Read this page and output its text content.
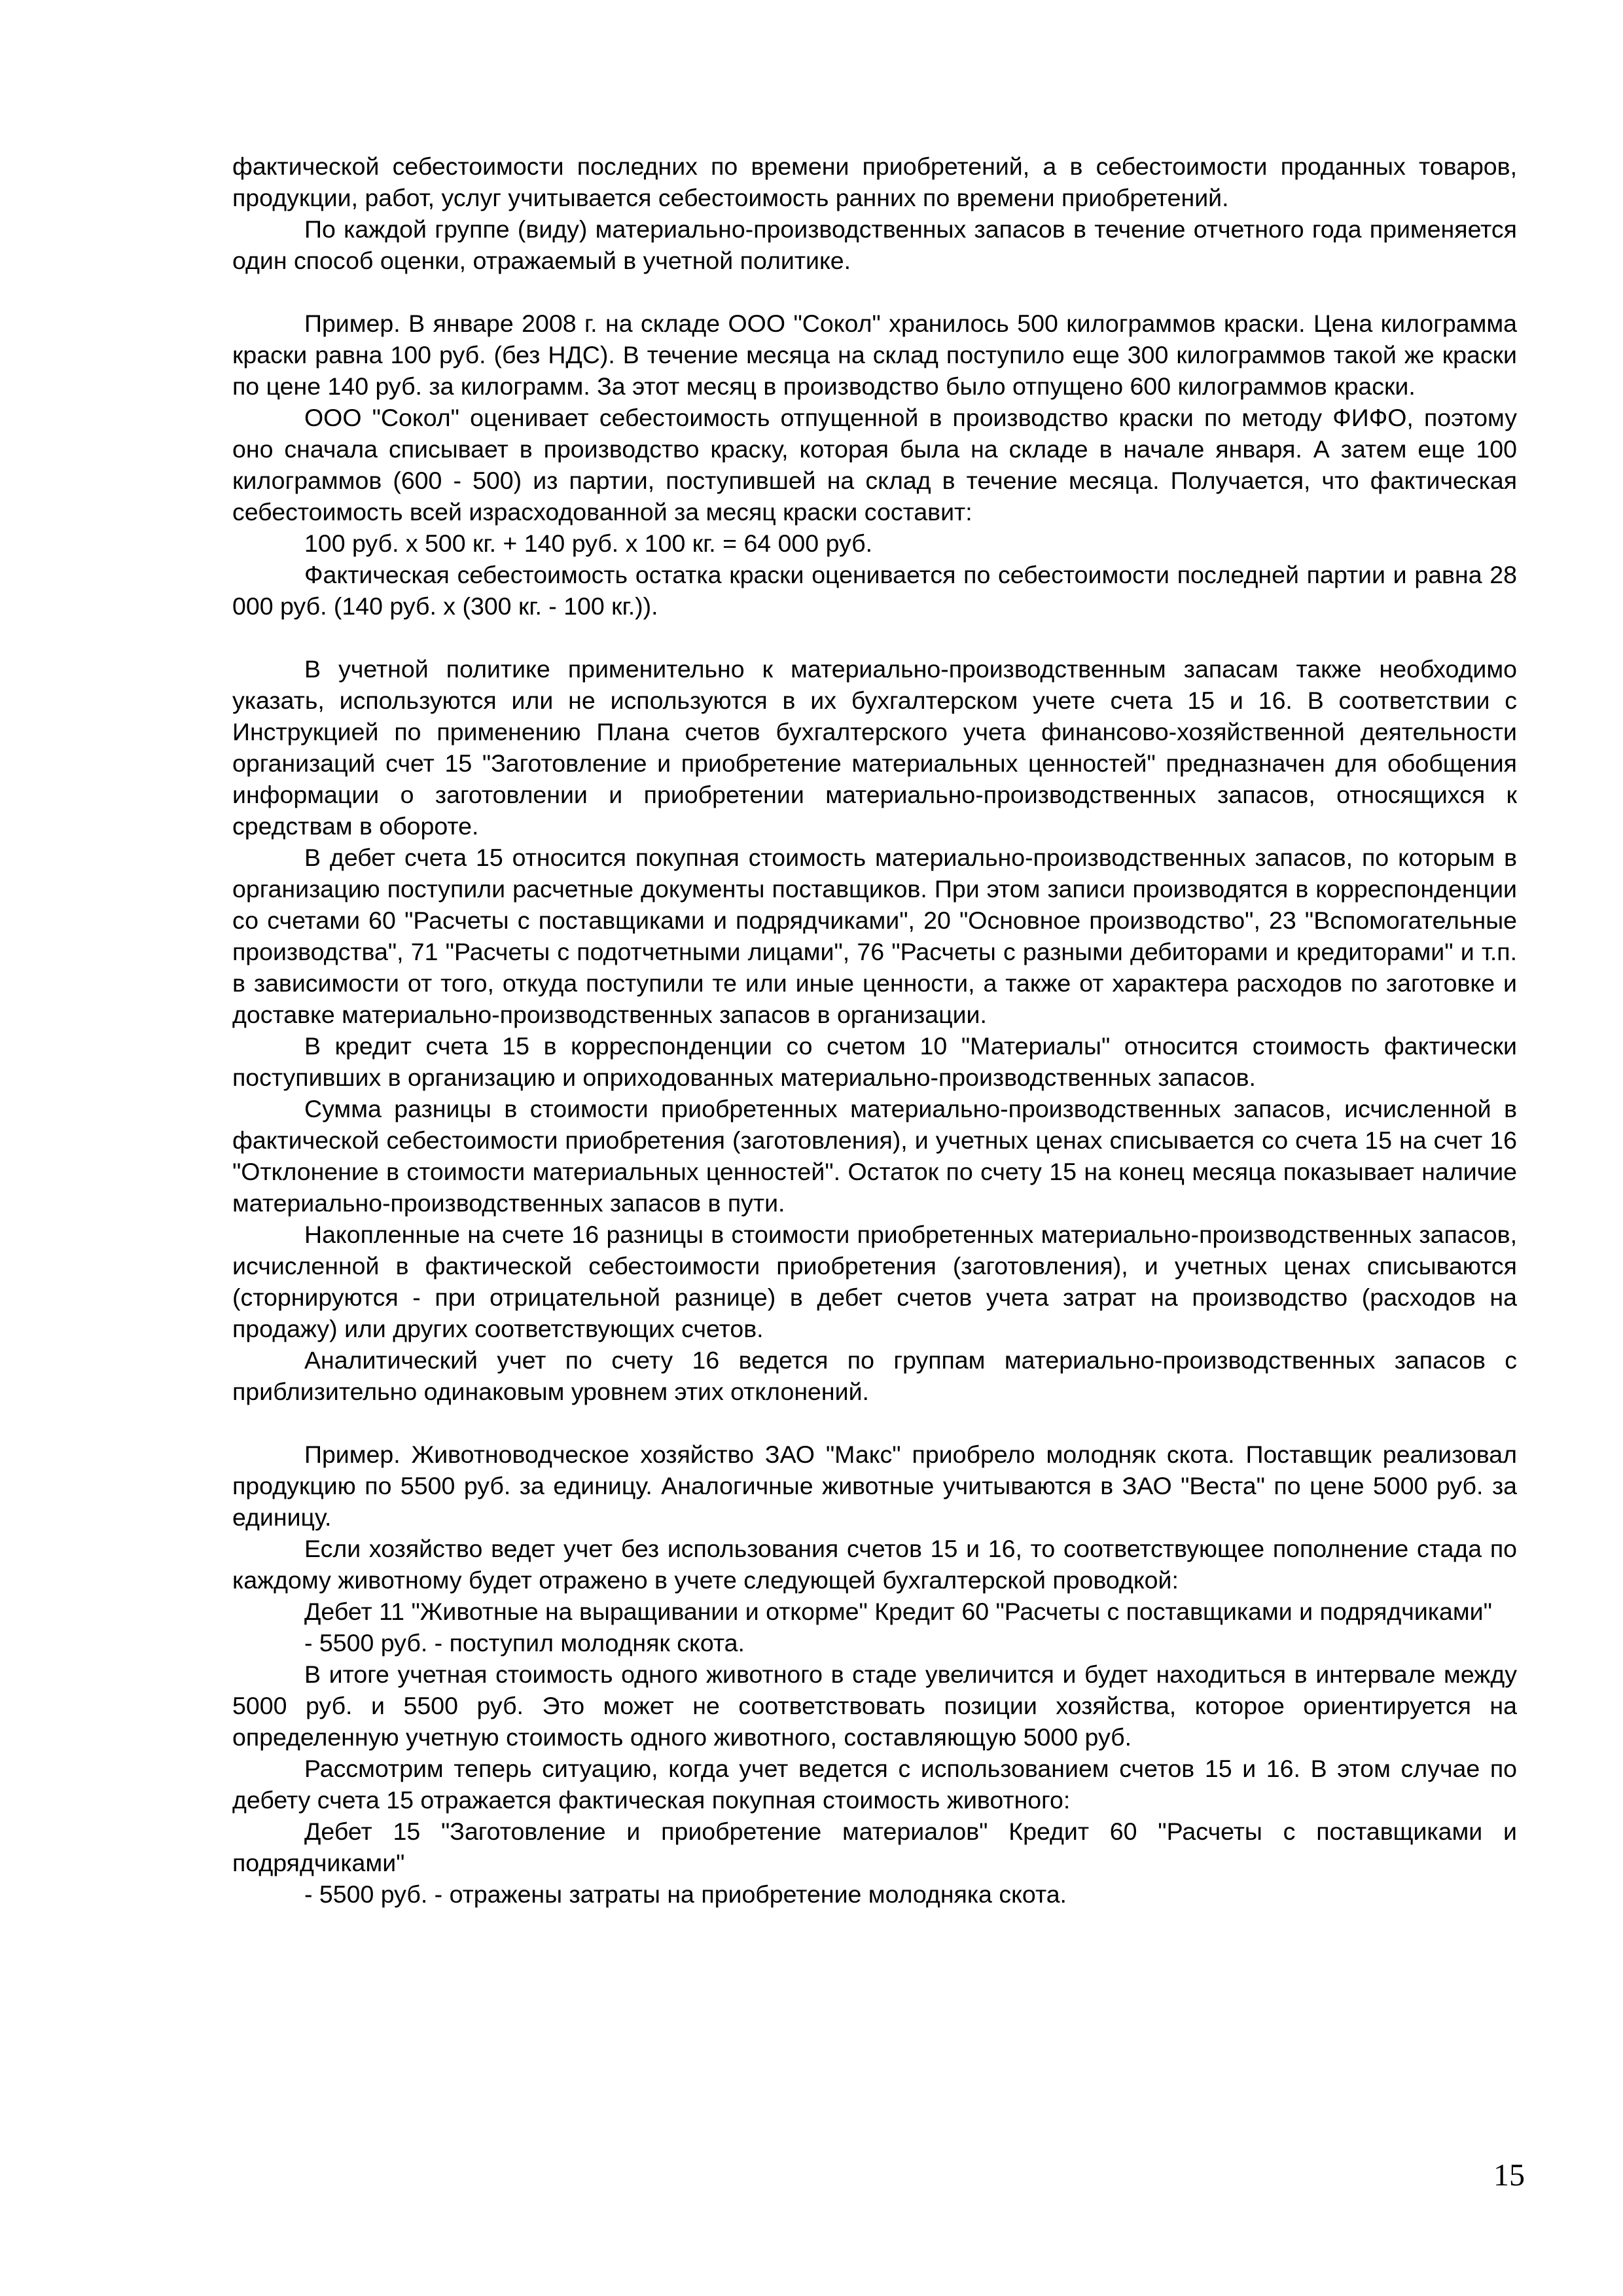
фактической себестоимости последних по времени приобретений, а в себестоимости проданных товаров, продукции, работ, услуг учитывается себестоимость ранних по времени приобретений.

По каждой группе (виду) материально-производственных запасов в течение отчетного года применяется один способ оценки, отражаемый в учетной политике.

Пример. В январе 2008 г. на складе ООО "Сокол" хранилось 500 килограммов краски. Цена килограмма краски равна 100 руб. (без НДС). В течение месяца на склад поступило еще 300 килограммов такой же краски по цене 140 руб. за килограмм. За этот месяц в производство было отпущено 600 килограммов краски.

ООО "Сокол" оценивает себестоимость отпущенной в производство краски по методу ФИФО, поэтому оно сначала списывает в производство краску, которая была на складе в начале января. А затем еще 100 килограммов (600 - 500) из партии, поступившей на склад в течение месяца. Получается, что фактическая себестоимость всей израсходованной за месяц краски составит:

100 руб. x 500 кг. + 140 руб. x 100 кг. = 64 000 руб.

Фактическая себестоимость остатка краски оценивается по себестоимости последней партии и равна 28 000 руб. (140 руб. x (300 кг. - 100 кг.)).

В учетной политике применительно к материально-производственным запасам также необходимо указать, используются или не используются в их бухгалтерском учете счета 15 и 16. В соответствии с Инструкцией по применению Плана счетов бухгалтерского учета финансово-хозяйственной деятельности организаций счет 15 "Заготовление и приобретение материальных ценностей" предназначен для обобщения информации о заготовлении и приобретении материально-производственных запасов, относящихся к средствам в обороте.

В дебет счета 15 относится покупная стоимость материально-производственных запасов, по которым в организацию поступили расчетные документы поставщиков. При этом записи производятся в корреспонденции со счетами 60 "Расчеты с поставщиками и подрядчиками", 20 "Основное производство", 23 "Вспомогательные производства", 71 "Расчеты с подотчетными лицами", 76 "Расчеты с разными дебиторами и кредиторами" и т.п. в зависимости от того, откуда поступили те или иные ценности, а также от характера расходов по заготовке и доставке материально-производственных запасов в организации.

В кредит счета 15 в корреспонденции со счетом 10 "Материалы" относится стоимость фактически поступивших в организацию и оприходованных материально-производственных запасов.

Сумма разницы в стоимости приобретенных материально-производственных запасов, исчисленной в фактической себестоимости приобретения (заготовления), и учетных ценах списывается со счета 15 на счет 16 "Отклонение в стоимости материальных ценностей". Остаток по счету 15 на конец месяца показывает наличие материально-производственных запасов в пути.

Накопленные на счете 16 разницы в стоимости приобретенных материально-производственных запасов, исчисленной в фактической себестоимости приобретения (заготовления), и учетных ценах списываются (сторнируются - при отрицательной разнице) в дебет счетов учета затрат на производство (расходов на продажу) или других соответствующих счетов.

Аналитический учет по счету 16 ведется по группам материально-производственных запасов с приблизительно одинаковым уровнем этих отклонений.

Пример. Животноводческое хозяйство ЗАО "Макс" приобрело молодняк скота. Поставщик реализовал продукцию по 5500 руб. за единицу. Аналогичные животные учитываются в ЗАО "Веста" по цене 5000 руб. за единицу.

Если хозяйство ведет учет без использования счетов 15 и 16, то соответствующее пополнение стада по каждому животному будет отражено в учете следующей бухгалтерской проводкой:

Дебет 11 "Животные на выращивании и откорме" Кредит 60 "Расчеты с поставщиками и подрядчиками"

- 5500 руб. - поступил молодняк скота.

В итоге учетная стоимость одного животного в стаде увеличится и будет находиться в интервале между 5000 руб. и 5500 руб. Это может не соответствовать позиции хозяйства, которое ориентируется на определенную учетную стоимость одного животного, составляющую 5000 руб.

Рассмотрим теперь ситуацию, когда учет ведется с использованием счетов 15 и 16. В этом случае по дебету счета 15 отражается фактическая покупная стоимость животного:

Дебет 15 "Заготовление и приобретение материалов" Кредит 60 "Расчеты с поставщиками и подрядчиками"

- 5500 руб. - отражены затраты на приобретение молодняка скота.

15
